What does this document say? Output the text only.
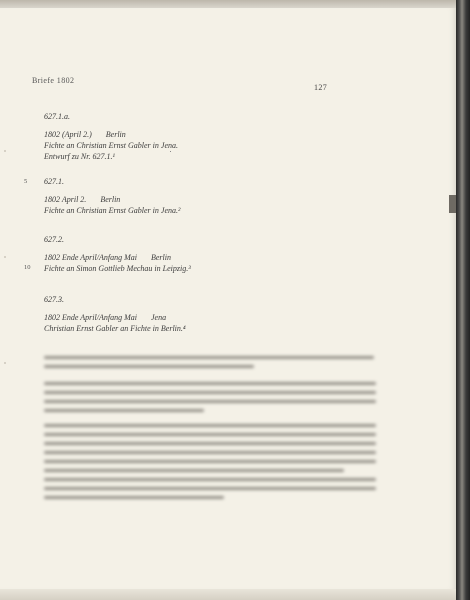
Briefe 1802
127
5
10
627.1.a.
1802 (April 2.) Berlin
Fichte an Christian Ernst Gabler in Jena.
Entwurf zu Nr. 627.1.¹
627.1.
1802 April 2. Berlin
Fichte an Christian Ernst Gabler in Jena.²
627.2.
1802 Ende April/Anfang Mai Berlin
Fichte an Simon Gottlieb Mechau in Leipzig.³
627.3.
1802 Ende April/Anfang Mai Jena
Christian Ernst Gabler an Fichte in Berlin.⁴
